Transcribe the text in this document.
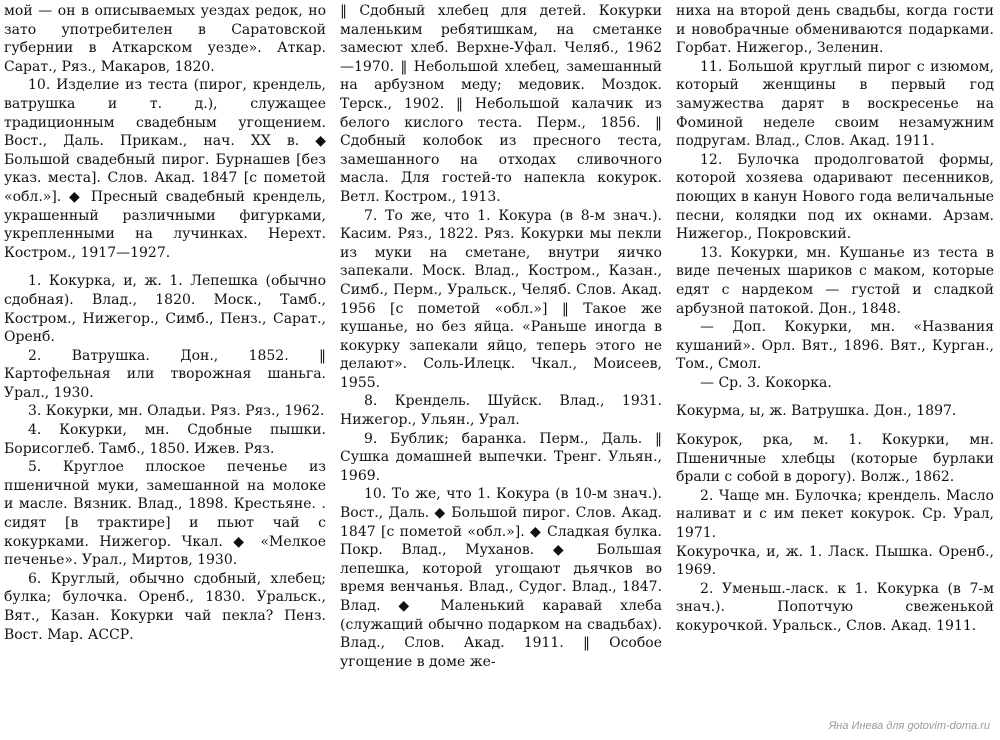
мой — он в описываемых уездах редок, но зато употребителен в Саратовской губернии в Аткарском уезде». Аткар. Сарат., Ряз., Макаров, 1820.

10. Изделие из теста (пирог, крендель, ватрушка и т. д.), служащее традиционным свадебным угощением. Вост., Даль. Прикам., нач. XX в. ◆ Большой свадебный пирог. Бурнашев [без указ. места]. Слов. Акад. 1847 [с пометой «обл.»]. ◆ Пресный свадебный крендель, украшенный различными фигурками, укрепленными на лучинках. Нерехт. Костром., 1917—1927.

1. Кокурка, и, ж. 1. Лепешка (обычно сдобная). Влад., 1820. Моск., Тамб., Костром., Нижегор., Симб., Пенз., Сарат., Оренб.

2. Ватрушка. Дон., 1852. ‖ Картофельная или творожная шаньга. Урал., 1930.

3. Кокурки, мн. Оладьи. Ряз. Ряз., 1962.

4. Кокурки, мн. Сдобные пышки. Борисоглеб. Тамб., 1850. Ижев. Ряз.

5. Круглое плоское печенье из пшеничной муки, замешанной на молоке и масле. Вязник. Влад., 1898. Крестьяне. . сидят [в трактире] и пьют чай с кокурками. Нижегор. Чкал. ◆ «Мелкое печенье». Урал., Миртов, 1930.

6. Круглый, обычно сдобный, хлебец; булка; булочка. Оренб., 1830. Уральск., Вят., Казан. Кокурки чай пекла? Пенз. Вост. Мар. АССР.

‖ Сдобный хлебец для детей. Кокурки маленьким ребятишкам, на сметанке замесют хлеб. Верхне-Уфал. Челяб., 1962—1970. ‖ Небольшой хлебец, замешанный на арбузном меду; медовик. Моздок. Терск., 1902. ‖ Небольшой калачик из белого кислого теста. Перм., 1856. ‖ Сдобный колобок из пресного теста, замешанного на отходах сливочного масла. Для гостей-то напекла кокурок. Ветл. Костром., 1913.

7. То же, что 1. Кокура (в 8-м знач.). Касим. Ряз., 1822. Ряз. Кокурки мы пекли из муки на сметане, внутри яичко запекали. Моск. Влад., Костром., Казан., Симб., Перм., Уральск., Челяб. Слов. Акад. 1956 [с пометой «обл.»] ‖ Такое же кушанье, но без яйца. «Раньше иногда в кокурку запекали яйцо, теперь этого не делают». Соль-Илецк. Чкал., Моисеев, 1955.

8. Крендель. Шуйск. Влад., 1931. Нижегор., Ульян., Урал.

9. Бублик; баранка. Перм., Даль. ‖ Сушка домашней выпечки. Тренг. Ульян., 1969.

10. То же, что 1. Кокура (в 10-м знач.). Вост., Даль. ◆ Большой пирог. Слов. Акад. 1847 [с пометой «обл.»]. ◆ Сладкая булка. Покр. Влад., Муханов. ◆ Большая лепешка, которой угощают дьячков во время венчанья. Влад., Судог. Влад., 1847. Влад. ◆ Маленький каравай хлеба (служащий обычно подарком на свадьбах). Влад., Слов. Акад. 1911. ‖ Особое угощение в доме же-

ниха на второй день свадьбы, когда гости и новобрачные обмениваются подарками. Горбат. Нижегор., Зеленин.

11. Большой круглый пирог с изюмом, который женщины в первый год замужества дарят в воскресенье на Фоминой неделе своим незамужним подругам. Влад., Слов. Акад. 1911.

12. Булочка продолговатой формы, которой хозяева одаривают песенников, поющих в канун Нового года величальные песни, колядки под их окнами. Арзам. Нижегор., Покровский.

13. Кокурки, мн. Кушанье из теста в виде печеных шариков с маком, которые едят с нардеком — густой и сладкой арбузной патокой. Дон., 1848.

— Доп. Кокурки, мн. «Названия кушаний». Орл. Вят., 1896. Вят., Курган., Том., Смол.

— Ср. 3. Кокорка.

Кокурма, ы, ж. Ватрушка. Дон., 1897.

Кокурок, рка, м. 1. Кокурки, мн. Пшеничные хлебцы (которые бурлаки брали с собой в дорогу). Волж., 1862.

2. Чаще мн. Булочка; крендель. Масло наливат и с им пекет кокурок. Ср. Урал, 1971.

Кокурочка, и, ж. 1. Ласк. Пышка. Оренб., 1969.

2. Уменьш.-ласк. к 1. Кокурка (в 7-м знач.). Попотчую свеженькой кокурочкой. Уральск., Слов. Акад. 1911.

Яна Инева для gotovim-doma.ru
